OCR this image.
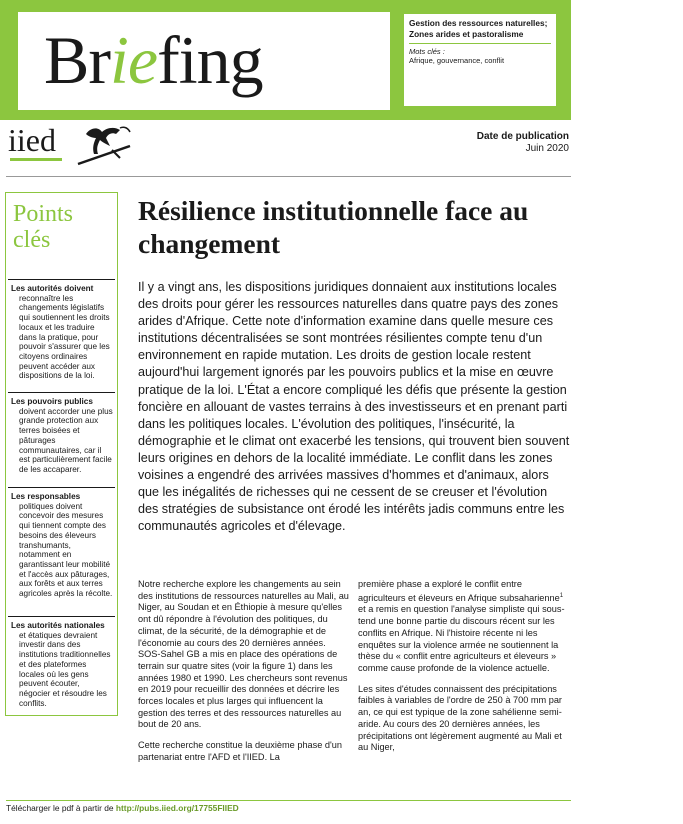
Briefing	Gestion des ressources naturelles; Zones arides et pastoralisme
Mots clés :
Afrique, gouvernance, conflit
iied	Date de publication
Juin 2020
Points
clés
Les autorités doivent
reconnaître les changements législatifs qui soutiennent les droits locaux et les traduire dans la pratique, pour pouvoir s'assurer que les citoyens ordinaires peuvent accéder aux dispositions de la loi.
Les pouvoirs publics
doivent accorder une plus grande protection aux terres boisées et pâturages communautaires, car il est particulièrement facile de les accaparer.
Les responsables
politiques doivent concevoir des mesures qui tiennent compte des besoins des éleveurs transhumants, notamment en garantissant leur mobilité et l'accès aux pâturages, aux forêts et aux terres agricoles après la récolte.
Les autorités nationales
et étatiques devraient investir dans des institutions traditionnelles et des plateformes locales où les gens peuvent écouter, négocier et résoudre les conflits.
Résilience institutionnelle face au changement

Il y a vingt ans, les dispositions juridiques donnaient aux institutions locales des droits pour gérer les ressources naturelles dans quatre pays des zones arides d'Afrique. Cette note d'information examine dans quelle mesure ces institutions décentralisées se sont montrées résilientes compte tenu d'un environnement en rapide mutation. Les droits de gestion locale restent aujourd'hui largement ignorés par les pouvoirs publics et la mise en œuvre pratique de la loi. L'État a encore compliqué les défis que présente la gestion foncière en allouant de vastes terrains à des investisseurs et en prenant parti dans les politiques locales. L'évolution des politiques, l'insécurité, la démographie et le climat ont exacerbé les tensions, qui trouvent bien souvent leurs origines en dehors de la localité immédiate. Le conflit dans les zones voisines a engendré des arrivées massives d'hommes et d'animaux, alors que les inégalités de richesses qui ne cessent de se creuser et l'évolution des stratégies de subsistance ont érodé les intérêts jadis communs entre les communautés agricoles et d'élevage.

Notre recherche explore les changements au sein des institutions de ressources naturelles au Mali, au Niger, au Soudan et en Éthiopie à mesure qu'elles ont dû répondre à l'évolution des politiques, du climat, de la sécurité, de la démographie et de l'économie au cours des 20 dernières années. SOS-Sahel GB a mis en place des opérations de terrain sur quatre sites (voir la figure 1) dans les années 1980 et 1990. Les chercheurs sont revenus en 2019 pour recueillir des données et décrire les forces locales et plus larges qui influencent la gestion des terres et des ressources naturelles au bout de 20 ans.

Cette recherche constitue la deuxième phase d'un partenariat entre l'AFD et l'IIED. La

première phase a exploré le conflit entre agriculteurs et éleveurs en Afrique subsaharienne$^1$ et a remis en question l'analyse simpliste qui sous-tend une bonne partie du discours récent sur les conflits en Afrique. Ni l'histoire récente ni les enquêtes sur la violence armée ne soutiennent la thèse du « conflit entre agriculteurs et éleveurs » comme cause profonde de la violence actuelle.

Les sites d'études connaissent des précipitations faibles à variables de l'ordre de 250 à 700 mm par an, ce qui est typique de la zone sahélienne semi-aride. Au cours des 20 dernières années, les précipitations ont légèrement augmenté au Mali et au Niger,

Télécharger le pdf à partir de http://pubs.iied.org/17755FIIED
